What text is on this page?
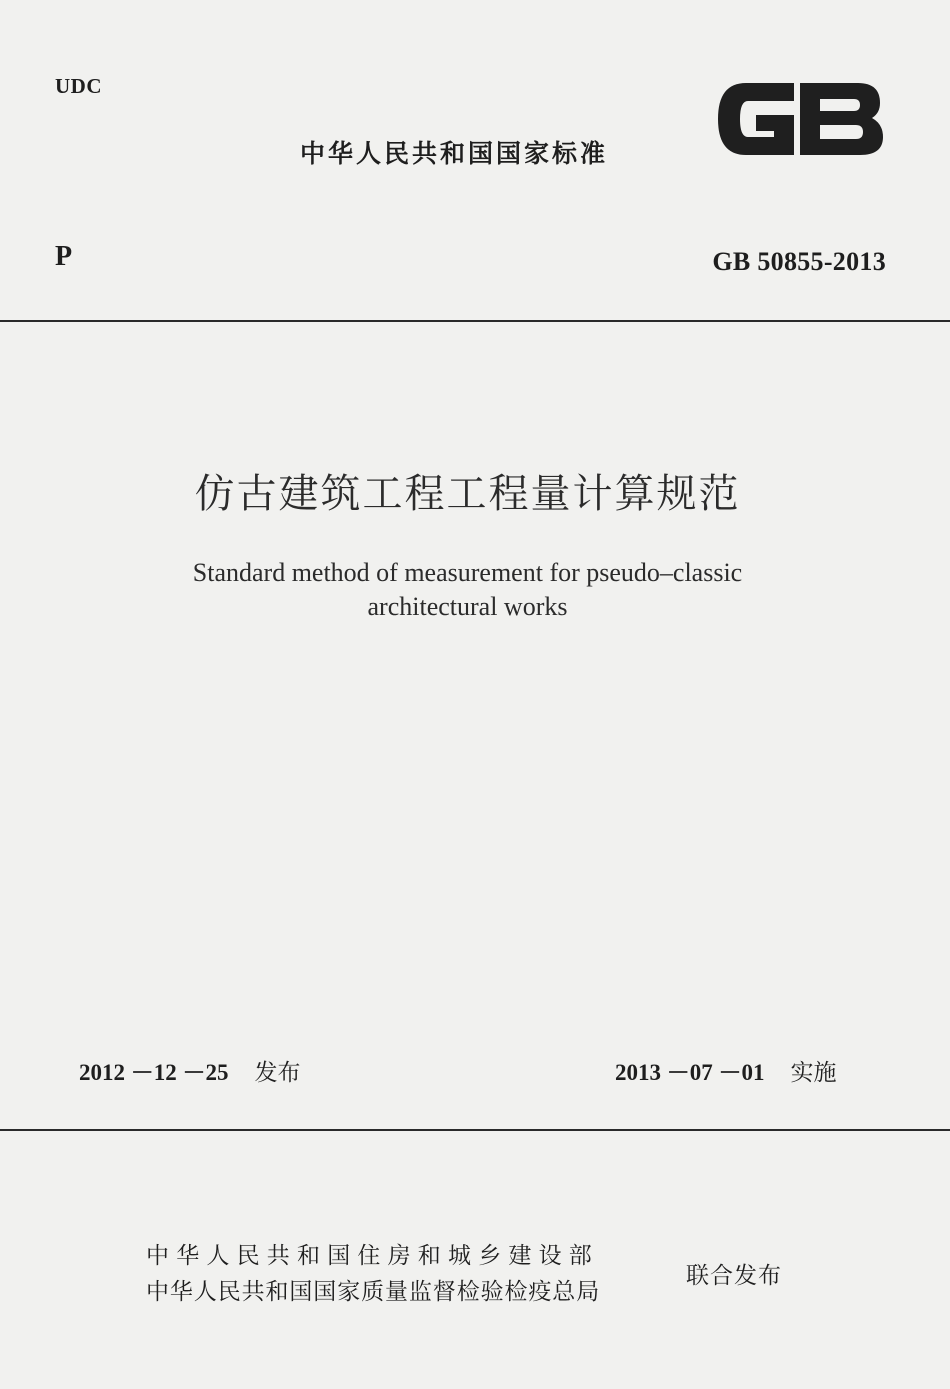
UDC
中华人民共和国国家标准
P	GB 50855-2013
仿古建筑工程工程量计算规范
Standard method of measurement for pseudo–classic
architectural works
2012 －12 －25 发布	2013 －07 －01 实施
中华人民共和国住房和城乡建设部
中华人民共和国国家质量监督检验检疫总局
联合发布
